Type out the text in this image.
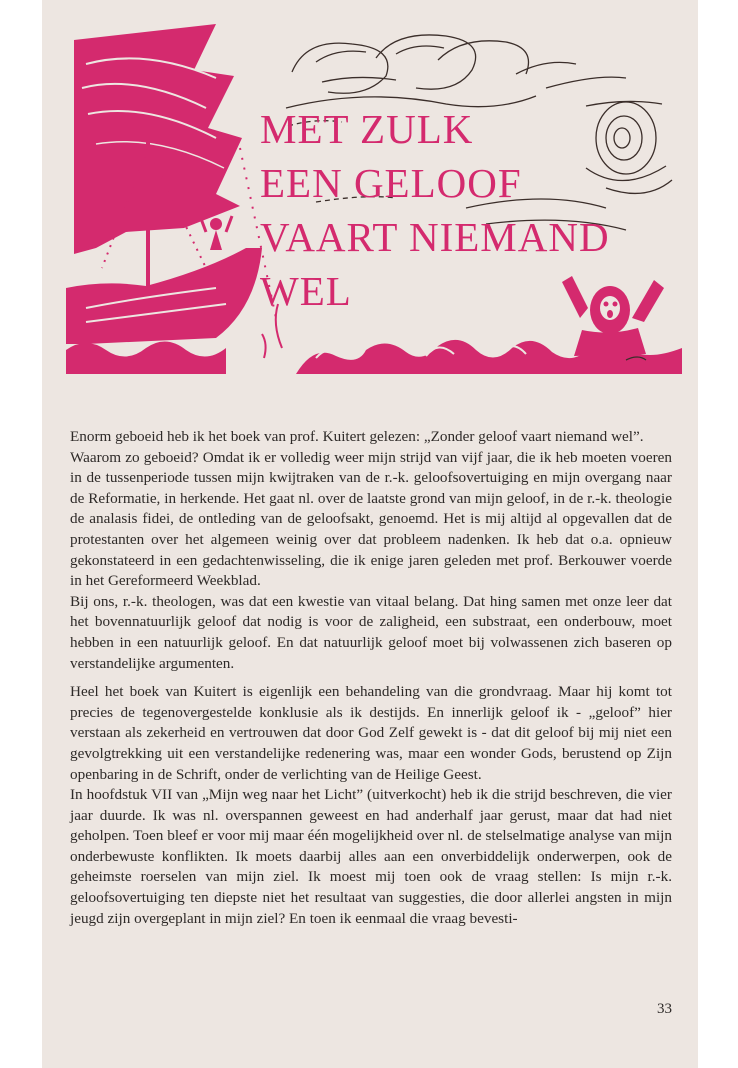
HZ
MET ZULK
EEN GELOOF
VAART NIEMAND
WEL

Enorm geboeid heb ik het boek van prof. Kuitert gelezen: „Zonder geloof vaart niemand wel”.

Waarom zo geboeid? Omdat ik er volledig weer mijn strijd van vijf jaar, die ik heb moeten voeren in de tussenperiode tussen mijn kwijtraken van de r.-k. geloofsovertuiging en mijn overgang naar de Reformatie, in herkende. Het gaat nl. over de laatste grond van mijn geloof, in de r.-k. theologie de analasis fidei, de ontleding van de geloofsakt, genoemd. Het is mij altijd al opgevallen dat de protestanten over het algemeen weinig over dat probleem nadenken. Ik heb dat o.a. opnieuw gekonstateerd in een gedachtenwisseling, die ik enige jaren geleden met prof. Berkouwer voerde in het Gereformeerd Weekblad.

Bij ons, r.-k. theologen, was dat een kwestie van vitaal belang. Dat hing samen met onze leer dat het bovennatuurlijk geloof dat nodig is voor de zaligheid, een substraat, een onderbouw, moet hebben in een natuurlijk geloof. En dat natuurlijk geloof moet bij volwassenen zich baseren op verstandelijke argumenten.

Heel het boek van Kuitert is eigenlijk een behandeling van die grondvraag. Maar hij komt tot precies de tegenovergestelde konklusie als ik destijds. En innerlijk geloof ik - „geloof” hier verstaan als zekerheid en vertrouwen dat door God Zelf gewekt is - dat dit geloof bij mij niet een gevolgtrekking uit een verstandelijke redenering was, maar een wonder Gods, berustend op Zijn openbaring in de Schrift, onder de verlichting van de Heilige Geest.

In hoofdstuk VII van „Mijn weg naar het Licht” (uitverkocht) heb ik die strijd beschreven, die vier jaar duurde. Ik was nl. overspannen geweest en had anderhalf jaar gerust, maar dat had niet geholpen. Toen bleef er voor mij maar één mogelijkheid over nl. de stelselmatige analyse van mijn onderbewuste konflikten. Ik moets daarbij alles aan een onverbiddelijk onderwerpen, ook de geheimste roerselen van mijn ziel. Ik moest mij toen ook de vraag stellen: Is mijn r.-k. geloofsovertuiging ten diepste niet het resultaat van suggesties, die door allerlei angsten in mijn jeugd zijn overgeplant in mijn ziel? En toen ik eenmaal die vraag bevesti-

33
